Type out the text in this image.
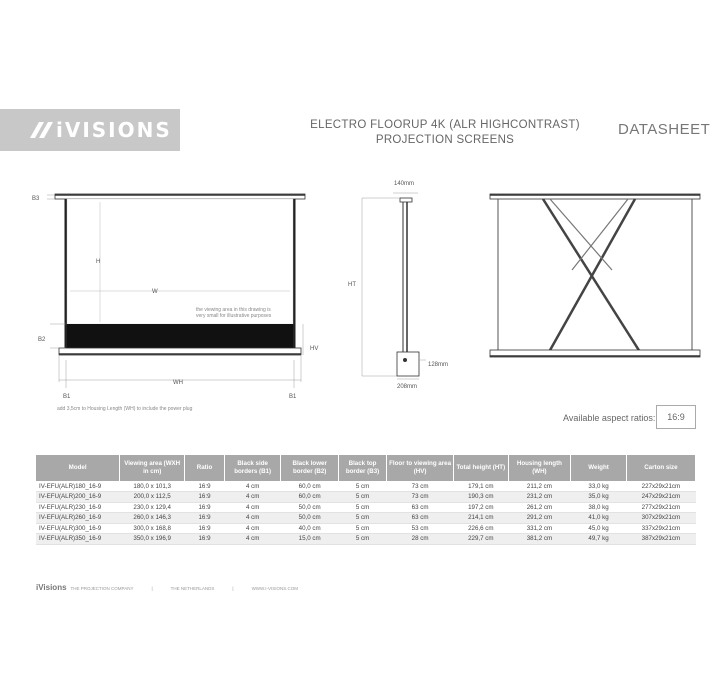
iVISIONS	ELECTRO FLOORUP 4K (ALR HIGHCONTRAST)
PROJECTION SCREENS
DATASHEET
B3
H
W
B2
HV
WH
B1	B1
the viewing area in this drawing is
very small for illustrative purposes
add 3,5cm to Housing Length (WH) to include the power plug
140mm
HT
128mm
208mm
Available aspect ratios:	16:9
Model	Viewing area (WXH in cm)	Ratio	Black side borders (B1)	Black lower border (B2)	Black top border (B3)	Floor to viewing area (HV)	Total height (HT)	Housing length (WH)	Weight	Carton size
IV-EFU(ALR)180_16-9	180,0 x 101,3	16:9	4 cm	60,0 cm	5 cm	73 cm	179,1 cm	211,2 cm	33,0 kg	227x29x21cm
IV-EFU(ALR)200_16-9	200,0 x 112,5	16:9	4 cm	60,0 cm	5 cm	73 cm	190,3 cm	231,2 cm	35,0 kg	247x29x21cm
IV-EFU(ALR)230_16-9	230,0 x 129,4	16:9	4 cm	50,0 cm	5 cm	63 cm	197,2 cm	261,2 cm	38,0 kg	277x29x21cm
IV-EFU(ALR)260_16-9	260,0 x 146,3	16:9	4 cm	50,0 cm	5 cm	63 cm	214,1 cm	291,2 cm	41,0 kg	307x29x21cm
IV-EFU(ALR)300_16-9	300,0 x 168,8	16:9	4 cm	40,0 cm	5 cm	53 cm	226,6 cm	331,2 cm	45,0 kg	337x29x21cm
IV-EFU(ALR)350_16-9	350,0 x 196,9	16:9	4 cm	15,0 cm	5 cm	28 cm	229,7 cm	381,2 cm	49,7 kg	387x29x21cm
iVisions THE PROJECTION COMPANY	|	THE NETHERLANDS	|	WWW.I-VISIONS.COM
